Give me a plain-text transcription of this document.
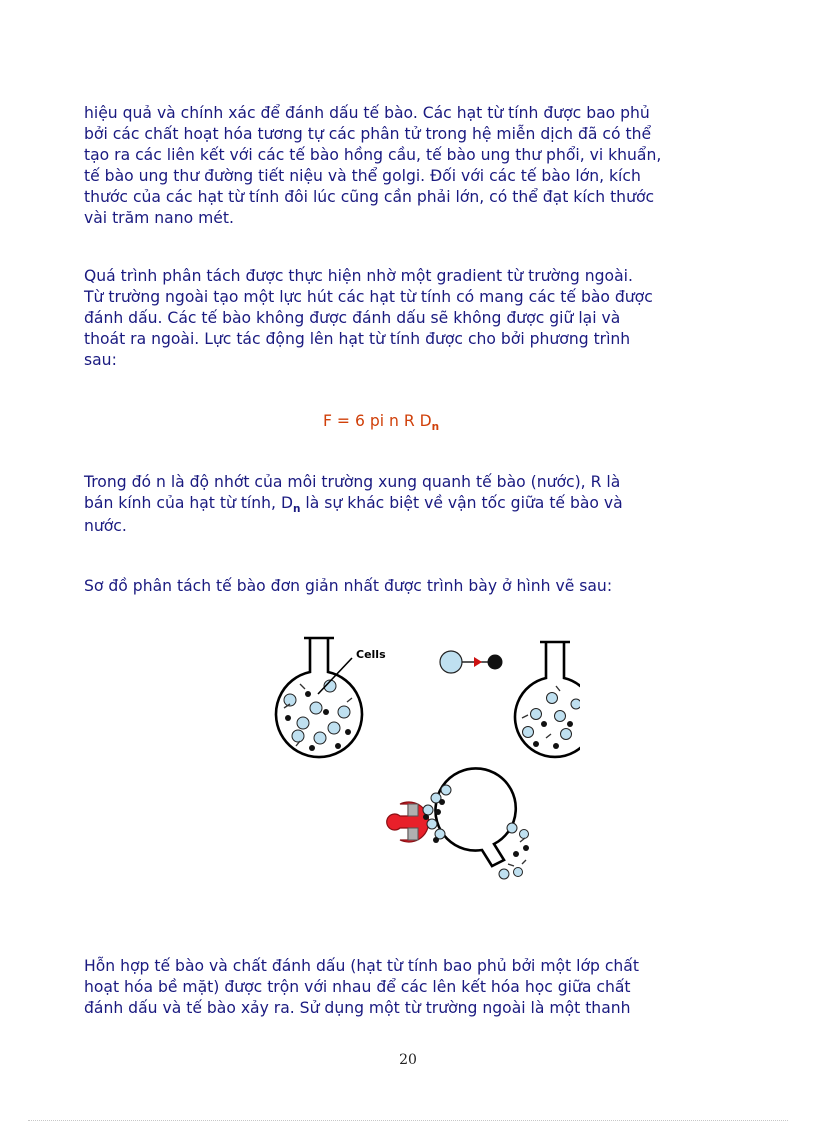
hiệu quả và chính xác để đánh dấu tế bào. Các hạt từ tính được bao phủ
bởi các chất hoạt hóa tương tự các phân tử trong hệ miễn dịch đã có thể
tạo ra các liên kết với các tế bào hồng cầu, tế bào ung thư phổi, vi khuẩn,
tế bào ung thư đường tiết niệu và thể golgi. Đối với các tế bào lớn, kích
thước của các hạt từ tính đôi lúc cũng cần phải lớn, có thể đạt kích thước
vài trăm nano mét.

Quá trình phân tách được thực hiện nhờ một gradient từ trường ngoài.
Từ trường ngoài tạo một lực hút các hạt từ tính có mang các tế bào được
đánh dấu. Các tế bào không được đánh dấu sẽ không được giữ lại và
thoát ra ngoài. Lực tác động lên hạt từ tính được cho bởi phương trình
sau:

F = 6 pi n R $D_n$

Trong đó n là độ nhớt của môi trường xung quanh tế bào (nước), R là
bán kính của hạt từ tính, $D_n$ là sự khác biệt về vận tốc giữa tế bào và
nước.

Sơ đồ phân tách tế bào đơn giản nhất được trình bày ở hình vẽ sau:

Cells

Hỗn hợp tế bào và chất đánh dấu (hạt từ tính bao phủ bởi một lớp chất
hoạt hóa bề mặt) được trộn với nhau để các lên kết hóa học giữa chất
đánh dấu và tế bào xảy ra. Sử dụng một từ trường ngoài là một thanh

20
